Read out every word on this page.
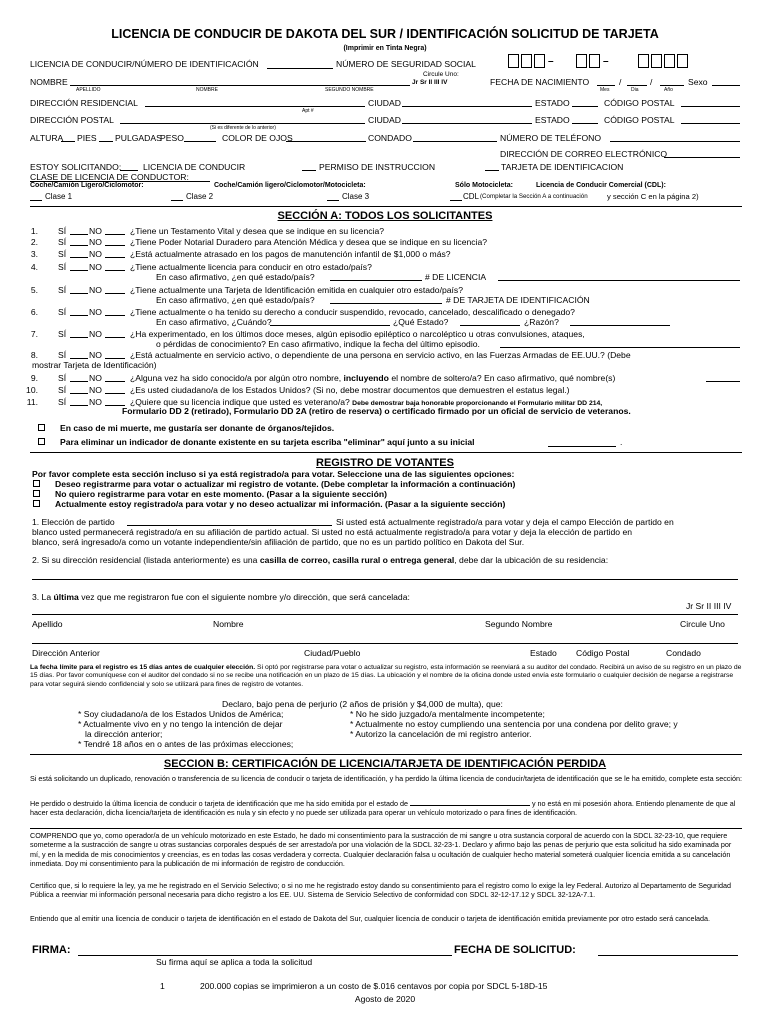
LICENCIA DE CONDUCIR DE DAKOTA DEL SUR / IDENTIFICACIÓN SOLICITUD DE TARJETA
(Imprimir en Tinta Negra)
LICENCIA DE CONDUCIR/NÚMERO DE IDENTIFICACIÓN	NÚMERO DE SEGURIDAD SOCIAL	–	–
NOMBRE
Circule Uno:
Jr Sr II III IV
APELLIDO	NOMBRE	SEGUNDO NOMBRE
FECHA DE NACIMIENTO	/	/
Mes	Dia	Año
Sexo
DIRECCIÓN RESIDENCIAL	CIUDAD	ESTADO	CÓDIGO POSTAL
Apt #
DIRECCIÓN POSTAL	CIUDAD	ESTADO	CÓDIGO POSTAL
(Si es diferente de lo anterior)
ALTURA PIES PULGADAS
PESO	COLOR DE OJOS	CONDADO	NÚMERO DE TELÉFONO
DIRECCIÓN DE CORREO ELECTRÓNICO
ESTOY SOLICITANDO:	LICENCIA DE CONDUCIR	PERMISO DE INSTRUCCION	TARJETA DE IDENTIFICACION
CLASE DE LICENCIA DE CONDUCTOR:
Coche/Camión Ligero/Ciclomotor:	Coche/Camión ligero/Ciclomotor/Motocicleta:	Sólo Motocicleta:	Licencia de Conducir Comercial (CDL):
Clase 1	Clase 2	Clase 3	CDL (Completar la Sección A a continuación	y sección C en la página 2)
SECCIÓN A: TODOS LOS SOLICITANTES
1. SÍ	NO	¿Tiene un Testamento Vital y desea que se indique en su licencia?
2. SÍ	NO	¿Tiene Poder Notarial Duradero para Atención Médica y desea que se indique en su licencia?
3. SÍ	NO	¿Está actualmente atrasado en los pagos de manutención infantil de $1,000 o más?
4. SÍ	NO	¿Tiene actualmente licencia para conducir en otro estado/país?
5. SÍ	NO	¿Tiene actualmente una Tarjeta de Identificación emitida en cualquier otro estado/país?
6. SÍ	NO	¿Tiene actualmente o ha tenido su derecho a conducir suspendido, revocado, cancelado, descalificado o denegado?
7. SÍ	NO	¿Ha experimentado, en los últimos doce meses, algún episodio epiléptico o narcoléptico u otras convulsiones, ataques,
8. SÍ	NO	¿Está actualmente en servicio activo, o dependiente de una persona en servicio activo, en las Fuerzas Armadas de EE.UU.? (Debe
9. SÍ	NO	¿Alguna vez ha sido conocido/a por algún otro nombre, incluyendo el nombre de soltero/a? En caso afirmativo, qué nombre(s)
10. SÍ	NO	¿Es usted ciudadano/a de los Estados Unidos? (Si no, debe mostrar documentos que demuestren el estatus legal.)
11. SÍ	NO	¿Quiere que su licencia indique que usted es veterano/a? Debe demostrar baja honorable proporcionando el Formulario militar DD 214,
En caso afirmativo, ¿en qué estado/país?	# DE LICENCIA
En caso afirmativo, ¿en qué estado/país?	# DE TARJETA DE IDENTIFICACIÓN
En caso afirmativo, ¿Cuándo?	¿Qué Estado?	¿Razón?
o pérdidas de conocimiento? En caso afirmativo, indique la fecha del último episodio.
mostrar Tarjeta de Identificación)
Formulario DD 2 (retirado), Formulario DD 2A (retiro de reserva) o certificado firmado por un oficial de servicio de veteranos.
En caso de mi muerte, me gustaría ser donante de órganos/tejidos.
Para eliminar un indicador de donante existente en su tarjeta escriba "eliminar" aquí junto a su inicial	.
REGISTRO DE VOTANTES
Por favor complete esta sección incluso si ya está registrado/a para votar. Seleccione una de las siguientes opciones:
Deseo registrarme para votar o actualizar mi registro de votante. (Debe completar la información a continuación)
No quiero registrarme para votar en este momento. (Pasar a la siguiente sección)
Actualmente estoy registrado/a para votar y no deseo actualizar mi información. (Pasar a la siguiente sección)
1. Elección de partido	Si usted está actualmente registrado/a para votar y deja el campo Elección de partido en
blanco usted permanecerá registrado/a en su afiliación de partido actual. Si usted no está actualmente registrado/a para votar y deja la elección de partido en
blanco, será ingresado/a como un votante independiente/sin afiliación de partido, que no es un partido político en Dakota del Sur.
2. Si su dirección residencial (listada anteriormente) es una casilla de correo, casilla rural o entrega general, debe dar la ubicación de su residencia:
3. La última vez que me registraron fue con el siguiente nombre y/o dirección, que será cancelada:
Jr Sr II III IV
Apellido	Nombre	Segundo Nombre	Circule Uno
Dirección Anterior	Ciudad/Pueblo	Estado Código Postal	Condado
La fecha límite para el registro es 15 días antes de cualquier elección. Si optó por registrarse para votar o actualizar su registro, esta información se reenviará a su auditor del condado. Recibirá un aviso de su registro en un plazo de 15 días. Por favor comuníquese con el auditor del condado si no se recibe una notificación en un plazo de 15 días. La ubicación y el nombre de la oficina donde usted envía este formulario o cualquier decisión de negarse a registrarse para votar seguirá siendo confidencial y solo se utilizará para fines de registro de votantes.
Declaro, bajo pena de perjurio (2 años de prisión y $4,000 de multa), que:
* Soy ciudadano/a de los Estados Unidos de América;
* Actualmente vivo en y no tengo la intención de dejar
la dirección anterior;
* Tendré 18 años en o antes de las próximas elecciones;
* No he sido juzgado/a mentalmente incompetente;
* Actualmente no estoy cumpliendo una sentencia por una condena por delito grave; y
* Autorizo la cancelación de mi registro anterior.
SECCION B: CERTIFICACIÓN DE LICENCIA/TARJETA DE IDENTIFICACIÓN PERDIDA
Si está solicitando un duplicado, renovación o transferencia de su licencia de conducir o tarjeta de identificación, y ha perdido la última licencia de conducir/tarjeta de identificación que se le ha emitido, complete esta sección:
He perdido o destruido la última licencia de conducir o tarjeta de identificación que me ha sido emitida por el estado de	y no está en mi posesión ahora. Entiendo plenamente de que al hacer esta declaración, dicha licencia/tarjeta de identificación es nula y sin efecto y no puede ser utilizada para operar un vehículo motorizado o para fines de identificación.
COMPRENDO que yo, como operador/a de un vehículo motorizado en este Estado, he dado mi consentimiento para la sustracción de mi sangre u otra sustancia corporal de acuerdo con la SDCL 32-23-10, que requiere someterme a la sustracción de sangre u otras sustancias corporales después de ser arrestado/a por una violación de la SDCL 32-23-1. Declaro y afirmo bajo las penas de perjurio que esta solicitud ha sido examinada por mí, y en la medida de mis conocimientos y creencias, es en todas las cosas verdadera y correcta. Cualquier declaración falsa u ocultación de cualquier hecho material someterá cualquier licencia emitida a su cancelación inmediata. Doy mi consentimiento para la publicación de mi información de registro de conducción.
Certifico que, si lo requiere la ley, ya me he registrado en el Servicio Selectivo; o si no me he registrado estoy dando su consentimiento para el registro como lo exige la ley Federal. Autorizo al Departamento de Seguridad Pública a reenviar mi información personal necesaria para dicho registro a los EE. UU. Sistema de Servicio Selectivo de conformidad con SDCL 32-12-17.12 y SDCL 32-12A-7.1.
Entiendo que al emitir una licencia de conducir o tarjeta de identificación en el estado de Dakota del Sur, cualquier licencia de conducir o tarjeta de identificación emitida previamente por otro estado será cancelada.
FIRMA:	FECHA DE SOLICITUD:
Su firma aquí se aplica a toda la solicitud
1	200.000 copias se imprimieron a un costo de $.016 centavos por copia por SDCL 5-18D-15
Agosto de 2020
